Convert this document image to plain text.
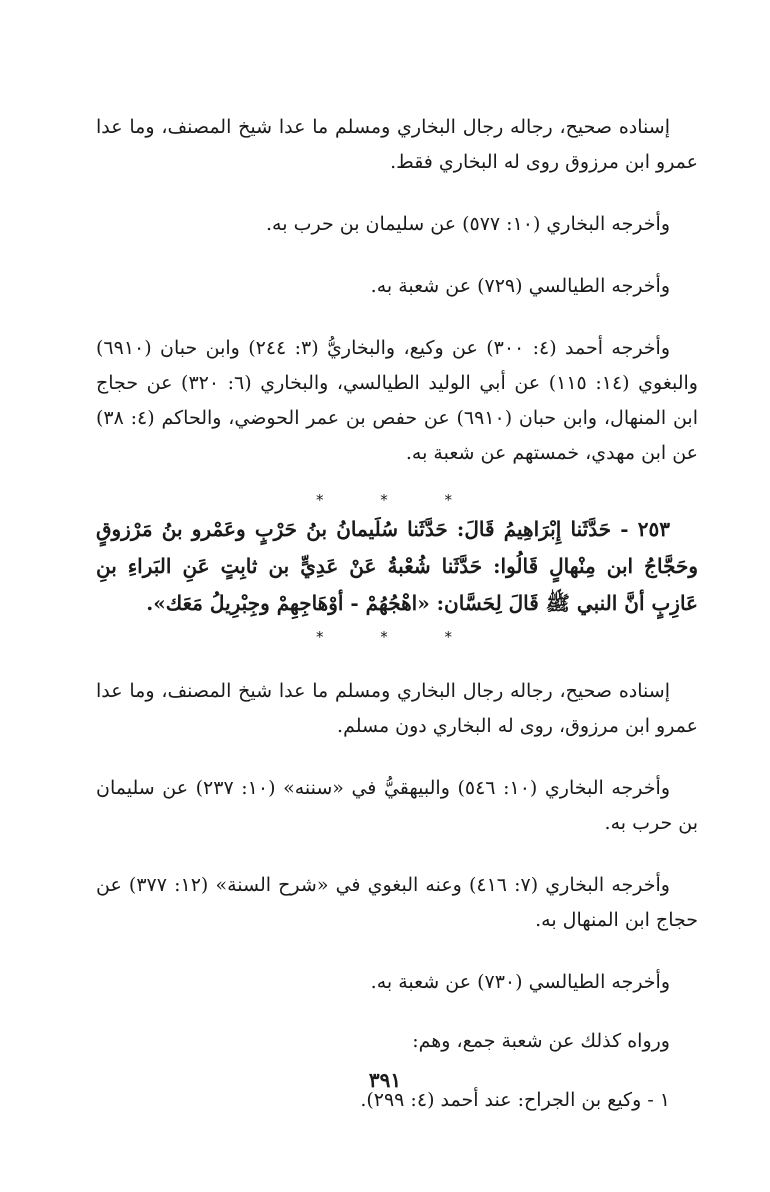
إسناده صحيح، رجاله رجال البخاري ومسلم ما عدا شيخ المصنف، وما عدا عمرو ابن مرزوق روى له البخاري فقط.

وأخرجه البخاري (١٠: ٥٧٧) عن سليمان بن حرب به.

وأخرجه الطيالسي (٧٢٩) عن شعبة به.

وأخرجه أحمد (٤: ٣٠٠) عن وكيع، والبخاريُّ (٣: ٢٤٤) وابن حبان (٦٩١٠) والبغوي (١٤: ١١٥) عن أبي الوليد الطيالسي، والبخاري (٦: ٣٢٠) عن حجاج ابن المنهال، وابن حبان (٦٩١٠) عن حفص بن عمر الحوضي، والحاكم (٤: ٣٨) عن ابن مهدي، خمستهم عن شعبة به.

* * *

٢٥٣ - حَدَّثَنا إِبْرَاهِيمُ قَالَ: حَدَّثَنا سُلَيمانُ بنُ حَرْبٍ وعَمْرو بنُ مَرْزوقٍ وحَجَّاجُ ابن مِنْهالٍ قَالُوا: حَدَّثَنا شُعْبةُ عَنْ عَدِيٍّ بن ثابِتٍ عَنِ البَراءِ بنِ عَازِبٍ أنَّ النبي ﷺ قَالَ لِحَسَّان: «اهْجُهُمْ - أوْهَاجِهِمْ وجِبْرِيلُ مَعَك».

* * *

إسناده صحيح، رجاله رجال البخاري ومسلم ما عدا شيخ المصنف، وما عدا عمرو ابن مرزوق، روى له البخاري دون مسلم.

وأخرجه البخاري (١٠: ٥٤٦) والبيهقيُّ في «سننه» (١٠: ٢٣٧) عن سليمان بن حرب به.

وأخرجه البخاري (٧: ٤١٦) وعنه البغوي في «شرح السنة» (١٢: ٣٧٧) عن حجاج ابن المنهال به.

وأخرجه الطيالسي (٧٣٠) عن شعبة به.

ورواه كذلك عن شعبة جمع، وهم:

١ - وكيع بن الجراح: عند أحمد (٤: ٢٩٩).

٣٩١
